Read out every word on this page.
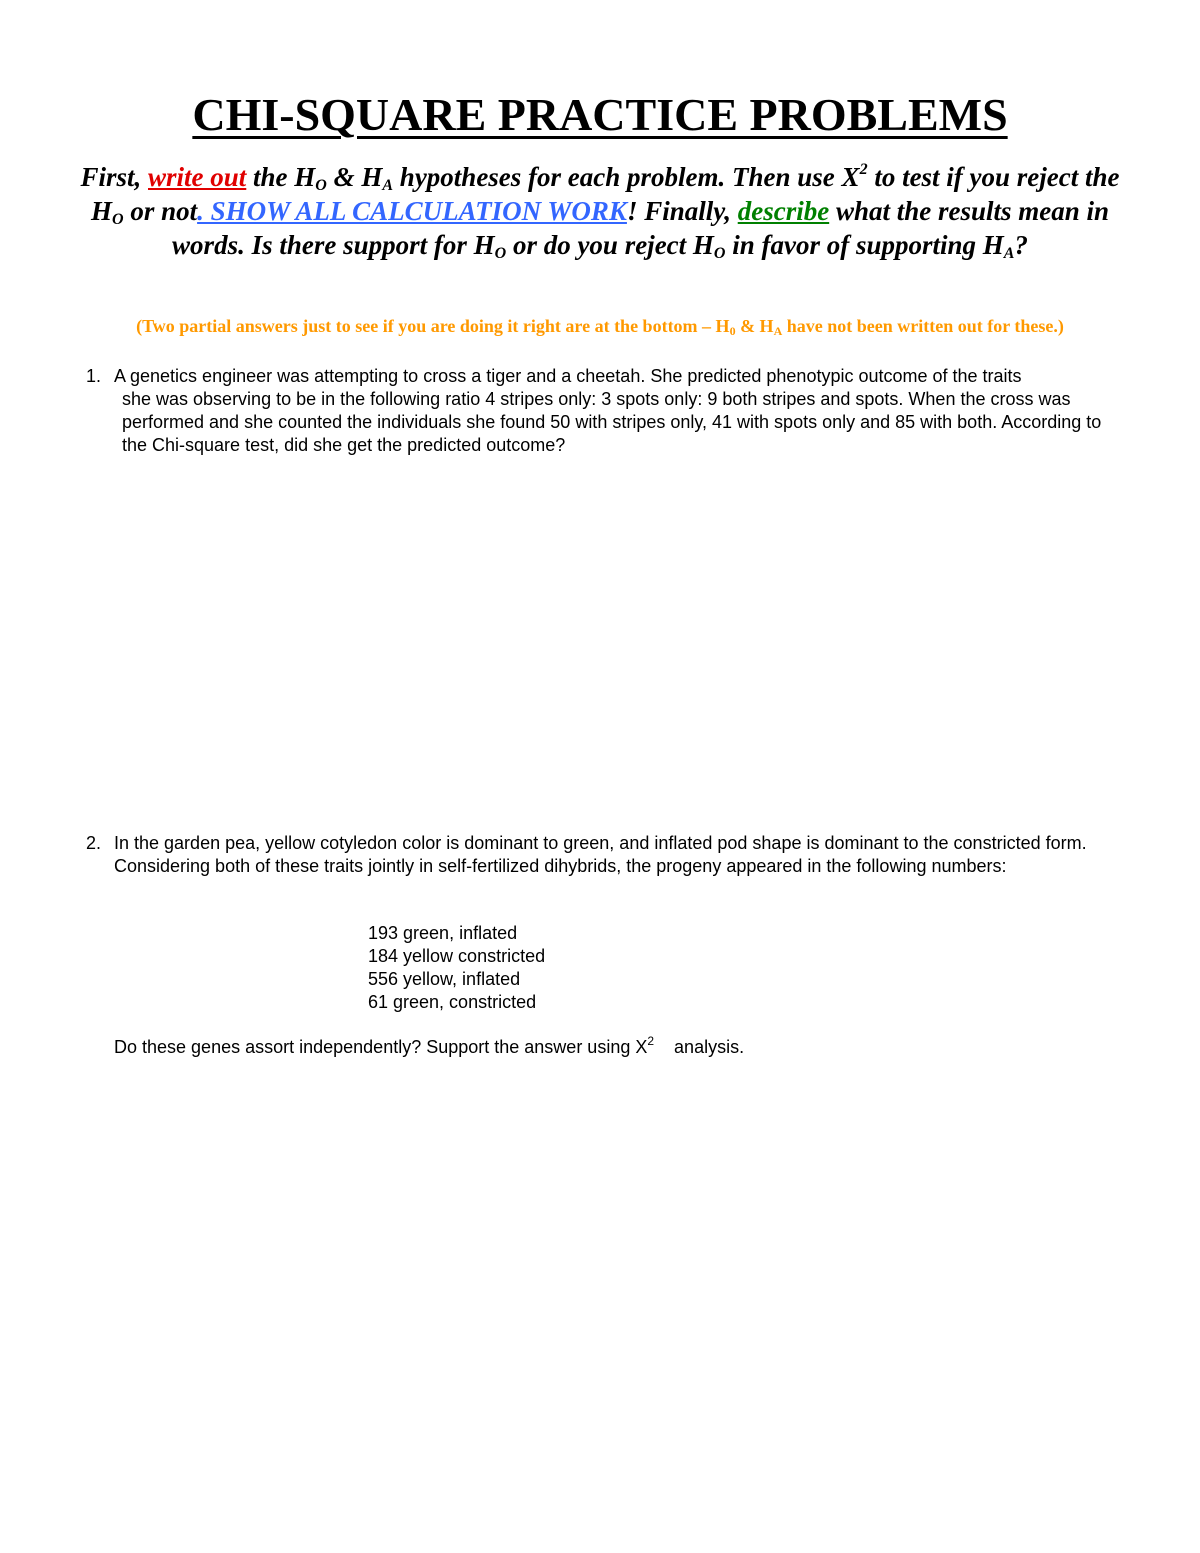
CHI-SQUARE PRACTICE PROBLEMS
First, write out the $H_O$ & $H_A$ hypotheses for each problem. Then use $X^2$ to test if you reject the $H_O$ or not. SHOW ALL CALCULATION WORK! Finally, describe what the results mean in words. Is there support for $H_O$ or do you reject $H_O$ in favor of supporting $H_A$?
(Two partial answers just to see if you are doing it right are at the bottom – $H_0$ & $H_A$ have not been written out for these.)
1. A genetics engineer was attempting to cross a tiger and a cheetah. She predicted phenotypic outcome of the traits
she was observing to be in the following ratio 4 stripes only: 3 spots only: 9 both stripes and spots. When the cross was performed and she counted the individuals she found 50 with stripes only, 41 with spots only and 85 with both. According to the Chi-square test, did she get the predicted outcome?
2. In the garden pea, yellow cotyledon color is dominant to green, and inflated pod shape is dominant to the constricted form. Considering both of these traits jointly in self-fertilized dihybrids, the progeny appeared in the following numbers:
193 green, inflated
184 yellow constricted
556 yellow, inflated
61 green, constricted
Do these genes assort independently? Support the answer using $X^2$    analysis.
